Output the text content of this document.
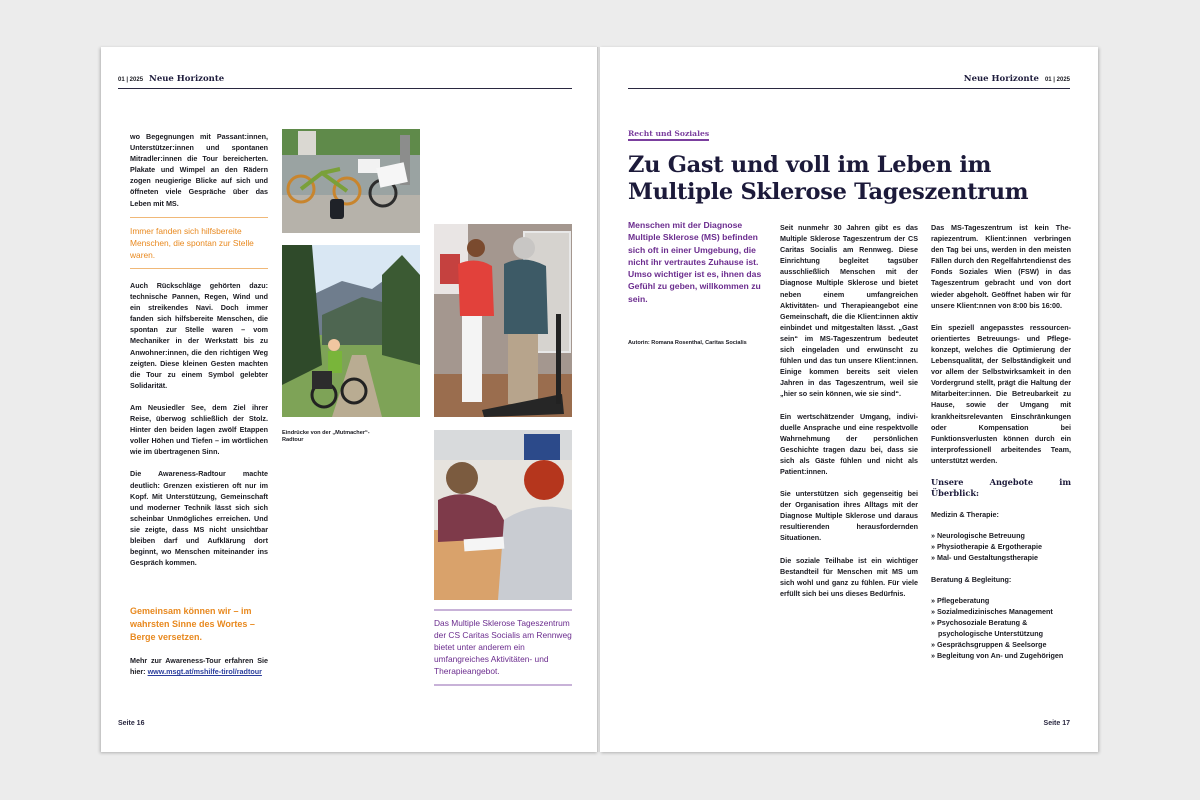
01 | 2025 Neue Horizonte

wo Begegnungen mit Passant:innen, Unterstützer:innen und spontanen Mitradler:innen die Tour bereicherten. Plakate und Wimpel an den Rädern zogen neugierige Blicke auf sich und öffneten viele Gespräche über das Leben mit MS.

Immer fanden sich hilfsbereite Menschen, die spontan zur Stelle waren.

Auch Rückschläge gehörten dazu: technische Pannen, Regen, Wind und ein streikendes Navi. Doch immer fanden sich hilfsbereite Menschen, die spontan zur Stelle waren – vom Mechaniker in der Werkstatt bis zu Anwohner:innen, die den richtigen Weg zeigten. Diese kleinen Gesten machten die Tour zu einem Symbol gelebter Solidarität.

Am Neusiedler See, dem Ziel ihrer Reise, überwog schließlich der Stolz. Hinter den beiden lagen zwölf Etappen voller Höhen und Tiefen – im wörtlichen wie im übertragenen Sinn.

Die Awareness-Radtour machte deutlich: Grenzen existieren oft nur im Kopf. Mit Unterstützung, Gemeinschaft und moderner Technik lässt sich sich scheinbar Unmögliches erreichen. Und sie zeigte, dass MS nicht unsichtbar bleiben darf und Aufklärung dort beginnt, wo Menschen miteinander ins Gespräch kommen.

Gemeinsam können wir – im wahrsten Sinne des Wortes – Berge versetzen.

Mehr zur Awareness-Tour erfahren Sie hier: www.msgt.at/mshilfe-tirol/radtour

Eindrücke von der „Mutmacher“-Radtour
Das Multiple Sklerose Tageszentrum der CS Caritas Socialis am Rennweg bietet unter anderem ein umfangreiches Aktivitäten- und Therapieangebot.
Seite 16
Neue Horizonte 01 | 2025
Recht und Soziales
Zu Gast und voll im Leben im
Multiple Sklerose Tageszentrum
Menschen mit der Diagnose Multiple Sklerose (MS) befinden sich oft in einer Umgebung, die nicht ihr vertrautes Zuhause ist. Umso wichtiger ist es, ihnen das Gefühl zu geben, willkommen zu sein.
Autorin: Romana Rosenthal, Caritas Socialis

Seit nunmehr 30 Jahren gibt es das Multiple Sklerose Tageszentrum der CS Caritas Socialis am Rennweg. Diese Einrichtung begleitet tagsüber ausschließlich Menschen mit der Diagnose Multiple Sklerose und bietet neben einem umfangreichen Aktivitäten- und Therapieangebot eine Gemeinschaft, die die Klient:innen aktiv einbindet und mitgestalten lässt. „Gast sein“ im MS-Tageszentrum bedeutet sich eingeladen und erwünscht zu fühlen und das tun unsere Klient:innen. Einige kommen bereits seit vielen Jahren in das Tageszentrum, weil sie „hier so sein können, wie sie sind“.

Ein wertschätzender Umgang, individuelle Ansprache und eine respektvolle Wahrnehmung der persönlichen Geschichte tragen dazu bei, dass sie sich als Gäste fühlen und nicht als Patient:innen.

Sie unterstützen sich gegenseitig bei der Organisation ihres Alltags mit der Diagnose Multiple Sklerose und daraus resultierenden herausfordernden Situationen.

Die soziale Teilhabe ist ein wichtiger Bestandteil für Menschen mit MS um sich wohl und ganz zu fühlen. Für viele erfüllt sich bei uns dieses Bedürfnis.

Das MS-Tageszentrum ist kein Therapiezentrum. Klient:innen verbringen den Tag bei uns, werden in den meisten Fällen durch den Regelfahrtendienst des Fonds Soziales Wien (FSW) in das Tageszentrum gebracht und von dort wieder abgeholt. Geöffnet haben wir für unsere Klient:nnen von 8:00 bis 16:00.

Ein speziell angepasstes ressourcenorientiertes Betreuungs- und Pflegekonzept, welches die Optimierung der Lebensqualität, der Selbständigkeit und vor allem der Selbstwirksamkeit in den Vordergrund stellt, prägt die Haltung der Mitarbeiter:innen. Die Betreubarkeit zu Hause, sowie der Umgang mit krankheitsrelevanten Einschränkungen oder Kompensation bei Funktionsverlusten können durch ein interprofessionell arbeitendes Team, unterstützt werden.

Unsere Angebote im Überblick:
Medizin & Therapie:
» Neurologische Betreuung
» Physiotherapie & Ergotherapie
» Mal- und Gestaltungstherapie
Beratung & Begleitung:
» Pflegeberatung
» Sozialmedizinisches Management
» Psychosoziale Beratung & psychologische Unterstützung
» Gesprächsgruppen & Seelsorge
» Begleitung von An- und Zugehörigen
Seite 17
